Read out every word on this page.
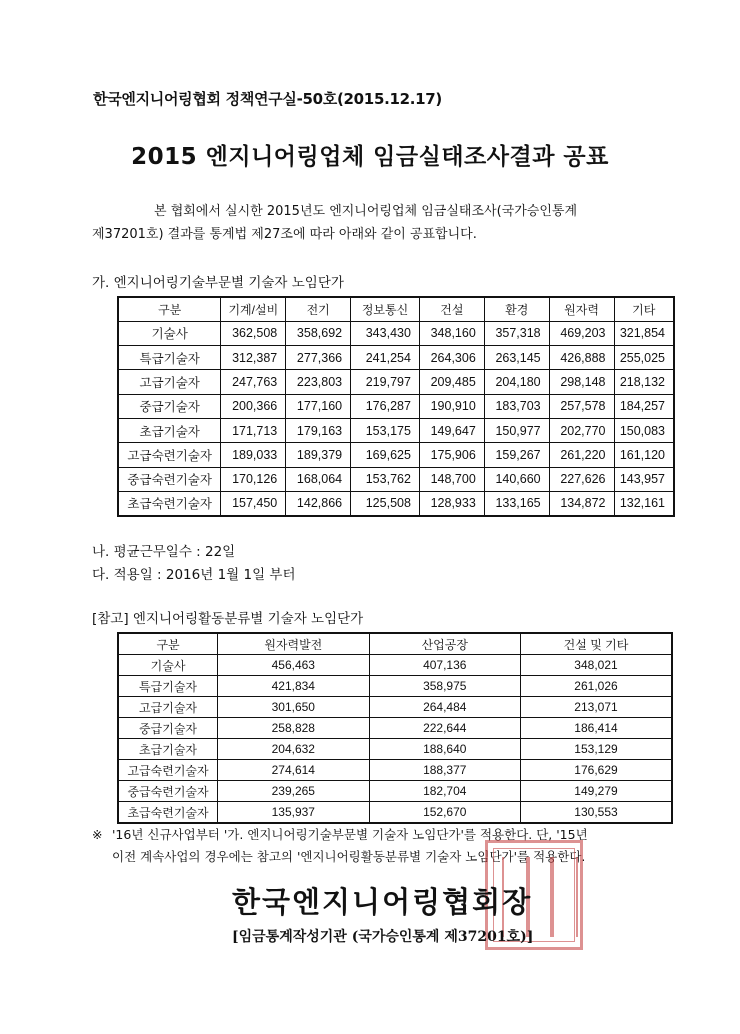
한국엔지니어링협회 정책연구실-50호(2015.12.17)
2015 엔지니어링업체 임금실태조사결과 공표

본 협회에서 실시한 2015년도 엔지니어링업체 임금실태조사(국가승인통계

제37201호) 결과를 통계법 제27조에 따라 아래와 같이 공표합니다.

가. 엔지니어링기술부문별 기술자 노임단가
구분	기계/설비	전기	정보통신	건설	환경	원자력	기타
기술사	362,508	358,692	343,430	348,160	357,318	469,203	321,854
특급기술자	312,387	277,366	241,254	264,306	263,145	426,888	255,025
고급기술자	247,763	223,803	219,797	209,485	204,180	298,148	218,132
중급기술자	200,366	177,160	176,287	190,910	183,703	257,578	184,257
초급기술자	171,713	179,163	153,175	149,647	150,977	202,770	150,083
고급숙련기술자	189,033	189,379	169,625	175,906	159,267	261,220	161,120
중급숙련기술자	170,126	168,064	153,762	148,700	140,660	227,626	143,957
초급숙련기술자	157,450	142,866	125,508	128,933	133,165	134,872	132,161
나. 평균근무일수 : 22일
다. 적용일 : 2016년 1월 1일 부터
[참고] 엔지니어링활동분류별 기술자 노임단가
구분	원자력발전	산업공장	건설 및 기타
기술사	456,463	407,136	348,021
특급기술자	421,834	358,975	261,026
고급기술자	301,650	264,484	213,071
중급기술자	258,828	222,644	186,414
초급기술자	204,632	188,640	153,129
고급숙련기술자	274,614	188,377	176,629
중급숙련기술자	239,265	182,704	149,279
초급숙련기술자	135,937	152,670	130,553
※ '16년 신규사업부터 '가. 엔지니어링기술부문별 기술자 노임단가'를 적용한다. 단, '15년
이전 계속사업의 경우에는 참고의 '엔지니어링활동분류별 기술자 노임단가'를 적용한다.
한국엔지니어링협회장
[임금통계작성기관 (국가승인통계 제37201호)]
